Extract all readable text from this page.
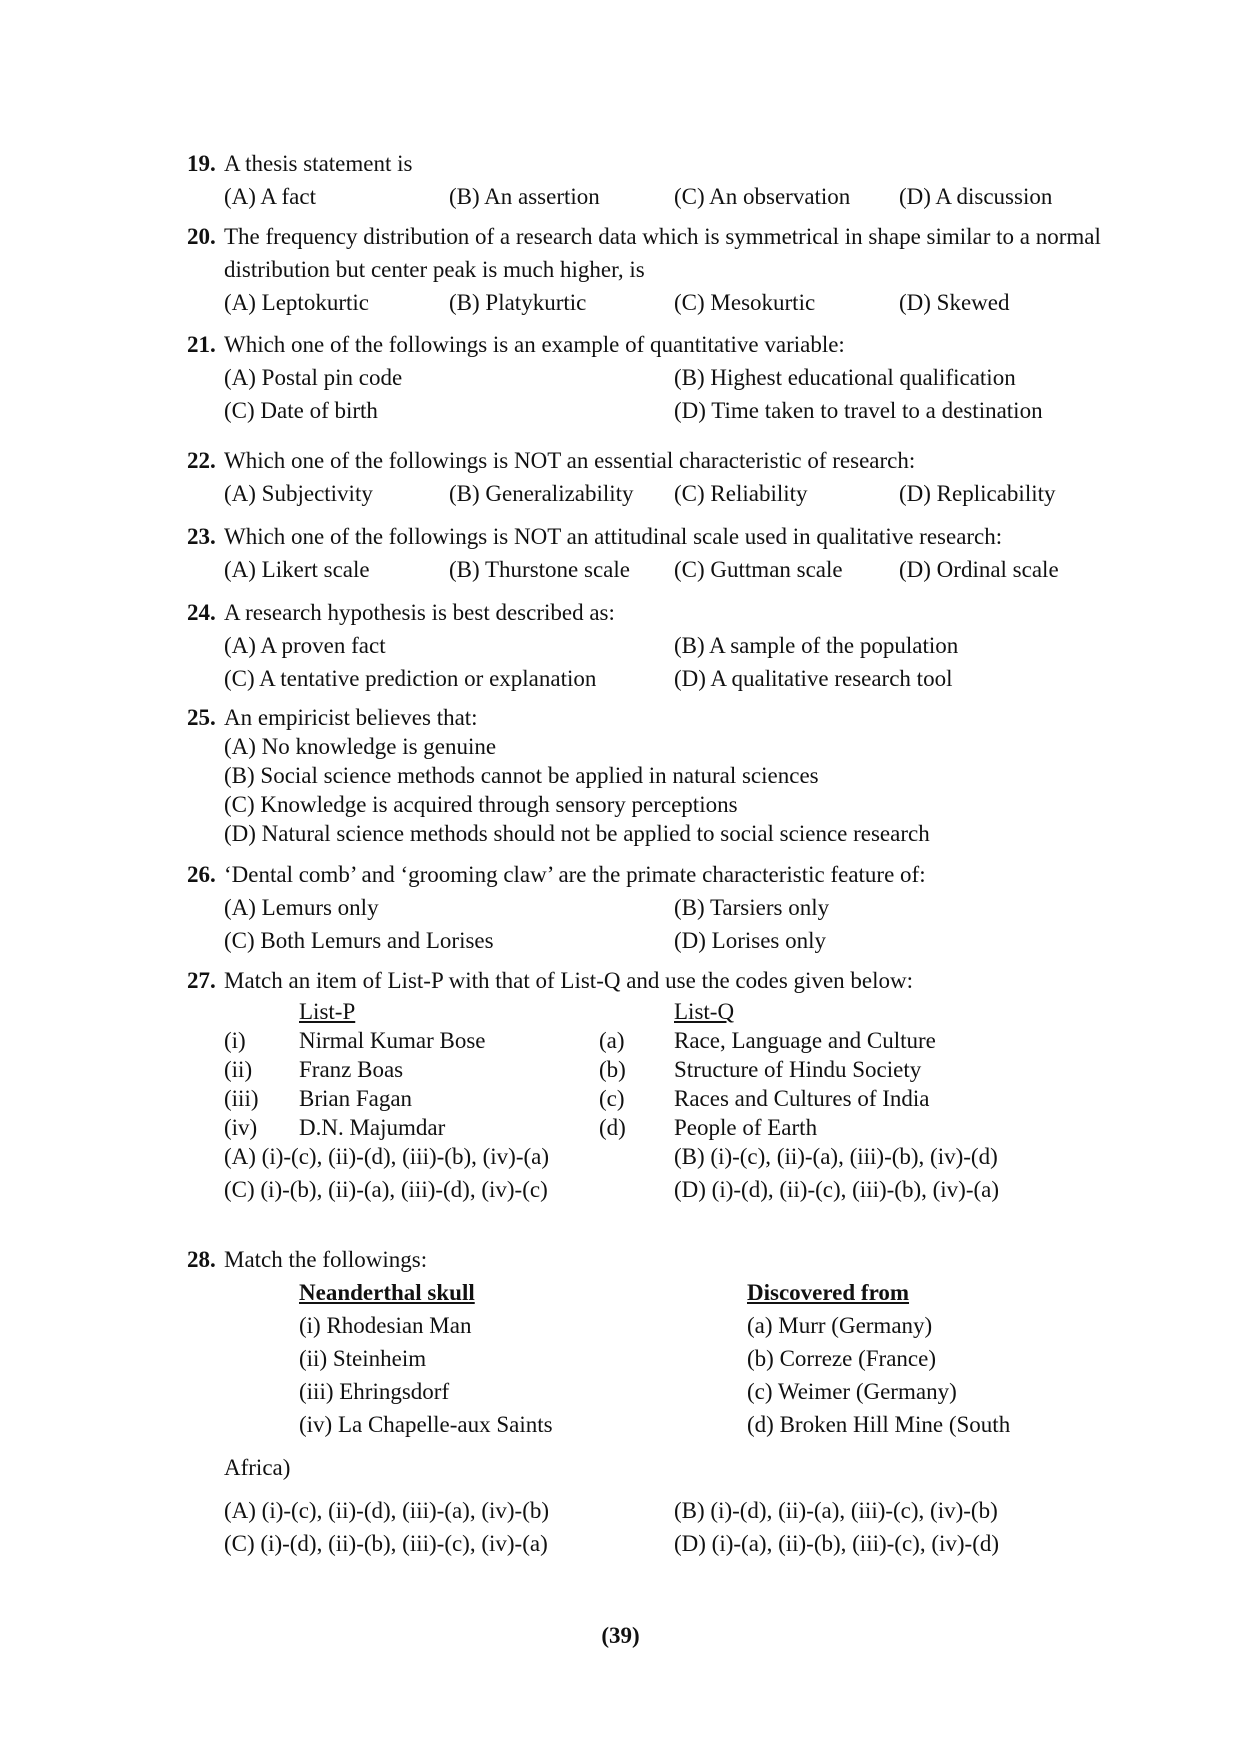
19. A thesis statement is
(A) A fact	(B) An assertion	(C) An observation (D) A discussion
20. The frequency distribution of a research data which is symmetrical in shape similar to a normal distribution but center peak is much higher, is
(A) Leptokurtic	(B) Platykurtic	(C) Mesokurtic	(D) Skewed
21. Which one of the followings is an example of quantitative variable:
(A) Postal pin code	(B) Highest educational qualification
(C) Date of birth	(D) Time taken to travel to a destination
22. Which one of the followings is NOT an essential characteristic of research:
(A) Subjectivity	(B) Generalizability (C) Reliability	(D) Replicability
23. Which one of the followings is NOT an attitudinal scale used in qualitative research:
(A) Likert scale	(B) Thurstone scale (C) Guttman scale (D) Ordinal scale
24. A research hypothesis is best described as:
(A) A proven fact	(B) A sample of the population
(C) A tentative prediction or explanation	(D) A qualitative research tool
25. An empiricist believes that:
(A) No knowledge is genuine
(B) Social science methods cannot be applied in natural sciences
(C) Knowledge is acquired through sensory perceptions
(D) Natural science methods should not be applied to social science research
26. ‘Dental comb’ and ‘grooming claw’ are the primate characteristic feature of:
(A) Lemurs only	(B) Tarsiers only
(C) Both Lemurs and Lorises	(D) Lorises only
27. Match an item of List-P with that of List-Q and use the codes given below:
List-P	List-Q
(i) Nirmal Kumar Bose	(a) Race, Language and Culture
(ii) Franz Boas	(b) Structure of Hindu Society
(iii) Brian Fagan	(c) Races and Cultures of India
(iv) D.N. Majumdar	(d) People of Earth
(A) (i)-(c), (ii)-(d), (iii)-(b), (iv)-(a)	(B) (i)-(c), (ii)-(a), (iii)-(b), (iv)-(d)
(C) (i)-(b), (ii)-(a), (iii)-(d), (iv)-(c)	(D) (i)-(d), (ii)-(c), (iii)-(b), (iv)-(a)
28. Match the followings:
Neanderthal skull	Discovered from
(i) Rhodesian Man	(a) Murr (Germany)
(ii) Steinheim	(b) Correze (France)
(iii) Ehringsdorf	(c) Weimer (Germany)
(iv) La Chapelle-aux Saints	(d) Broken Hill Mine (South
Africa)
(A) (i)-(c), (ii)-(d), (iii)-(a), (iv)-(b)	(B) (i)-(d), (ii)-(a), (iii)-(c), (iv)-(b)
(C) (i)-(d), (ii)-(b), (iii)-(c), (iv)-(a)	(D) (i)-(a), (ii)-(b), (iii)-(c), (iv)-(d)
(39)
